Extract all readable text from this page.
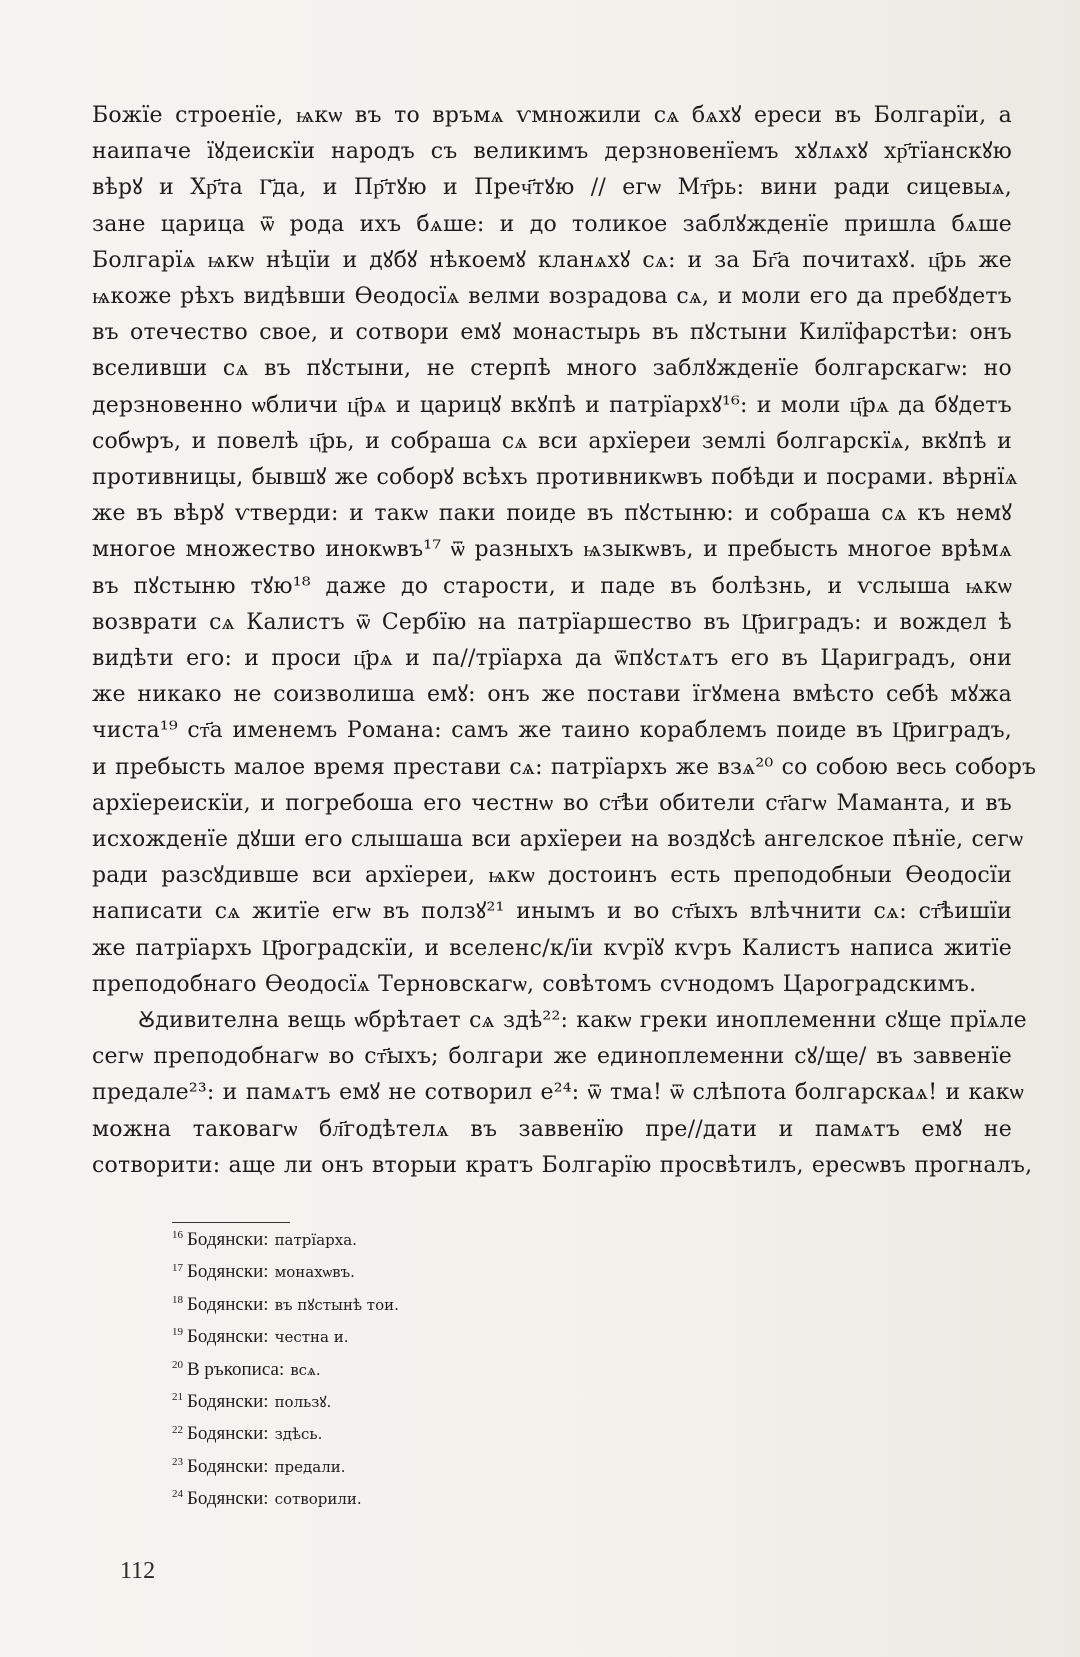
Божїе строенїе, ѩкѡ въ то връмѧ ѵмножили сѧ бѧхꙋ ереси въ Болгарїи, а
наипаче їꙋдеискїи народъ съ великимъ дерзновенїемъ хꙋлѧхꙋ хр҃тїанскꙋю
вѣрꙋ и Хр҃та Г҃да, и Пр҃тꙋю и Преч҃тꙋю // егѡ Мт҃рь: вини ради сицевыѧ,
зане царица ѿ рода ихъ бѧше: и до толикое заблꙋжденїе пришла бѧше
Болгарїѧ ѩкѡ нѣцїи и дꙋбꙋ нѣкоемꙋ кланѧхꙋ сѧ: и за Бг҃а почитахꙋ. ц҃рь же
ѩкоже рѣхъ видѣвши Ѳеодосїѧ велми возрадова сѧ, и моли его да пребꙋдетъ
въ отечество свое, и сотвори емꙋ монастырь въ пꙋстыни Килїфарстѣи: онъ
вселивши сѧ въ пꙋстыни, не стерпѣ много заблꙋжденїе болгарскагѡ: но
дерзновенно ѡбличи ц҃рѧ и царицꙋ вкꙋпѣ и патрїархꙋ¹⁶: и моли ц҃рѧ да бꙋдетъ
собѡръ, и повелѣ ц҃рь, и собраша сѧ вси архїереи землi болгарскїѧ, вкꙋпѣ и
противницы, бывшꙋ же соборꙋ всѣхъ противникѡвъ побѣди и посрами. вѣрнїѧ
же въ вѣрꙋ ѵтверди: и такѡ паки поиде въ пꙋстыню: и собраша сѧ къ немꙋ
многое множество инокѡвъ¹⁷ ѿ разныхъ ѩзыкѡвъ, и пребысть многое врѣмѧ
въ пꙋстыню тꙋю¹⁸ даже до старости, и паде въ болѣзнь, и ѵслыша ѩкѡ
возврати сѧ Калистъ ѿ Сербїю на патрїаршество въ Ц҃риградъ: и вождел ѣ
видѣти его: и проси ц҃рѧ и па//трїарха да ѿпꙋстѧтъ его въ Цариградъ, они
же никако не соизволиша емꙋ: онъ же постави їгꙋмена вмѣсто себѣ мꙋжа
чиста¹⁹ ст҃а именемъ Романа: самъ же таино кораблемъ поиде въ Ц҃риградъ,
и пребысть малое время престави сѧ: патрїархъ же взѧ²⁰ со собою весь соборъ
архїереискїи, и погребоша его честнѡ во ст҃ѣи обители ст҃агѡ Маманта, и въ
исхожденїе дꙋши его слышаша вси архїереи на воздꙋсѣ ангелское пѣнїе, сегѡ
ради разсꙋдивше вси архїереи, ѩкѡ достоинъ есть преподобныи Ѳеодосїи
написати сѧ житїе егѡ въ ползꙋ²¹ инымъ и во ст҃ыхъ влѣчнити сѧ: ст҃ѣишїи
же патрїархъ Ц҃роградскїи, и вселенс/к/їи кѵрїꙋ кѵръ Калистъ написа житїе
преподобнаго Ѳеодосїѧ Терновскагѡ, совѣтомъ сѵнодомъ Цароградскимъ.

Ꙋдивителна вещь ѡбрѣтает сѧ здѣ²²: какѡ греки иноплеменни сꙋще прїѧле
сегѡ преподобнагѡ во ст҃ыхъ; болгари же единоплеменни сꙋ/ще/ въ заввенїе
предале²³: и памѧтъ емꙋ не сотворил е²⁴: ѿ тма! ѿ слѣпота болгарскаѧ! и какѡ
можна таковагѡ бл҃годѣтелѧ въ заввенїю пре//дати и памѧтъ емꙋ не
сотворити: аще ли онъ вторыи кратъ Болгарїю просвѣтилъ, ересѡвъ прогналъ,

$^{16}$ Бодянски: патрїарха.
$^{17}$ Бодянски: монахѡвъ.
$^{18}$ Бодянски: въ пꙋстынѣ тои.
$^{19}$ Бодянски: честна и.
$^{20}$ В ръкописа: всѧ.
$^{21}$ Бодянски: пользꙋ.
$^{22}$ Бодянски: здѣсь.
$^{23}$ Бодянски: предали.
$^{24}$ Бодянски: сотворили.
112
